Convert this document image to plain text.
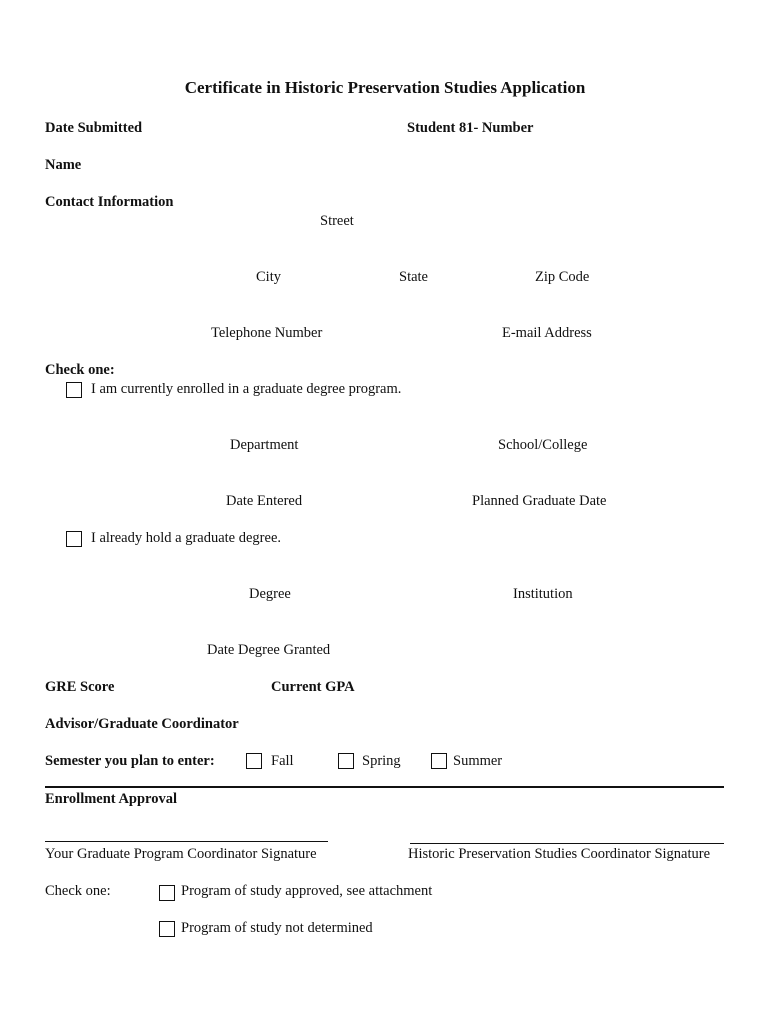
Certificate in Historic Preservation Studies Application
Date Submitted	Student 81- Number
Name
Contact Information
Street
City	State	Zip Code
Telephone Number	E-mail Address
Check one:
I am currently enrolled in a graduate degree program.
Department	School/College
Date Entered	Planned Graduate Date
I already hold a graduate degree.
Degree	Institution
Date Degree Granted
GRE Score	Current GPA
Advisor/Graduate Coordinator
Semester you plan to enter:	Fall	Spring	Summer
Enrollment Approval
Your Graduate Program Coordinator Signature	Historic Preservation Studies Coordinator Signature
Check one:	Program of study approved, see attachment
Program of study not determined
